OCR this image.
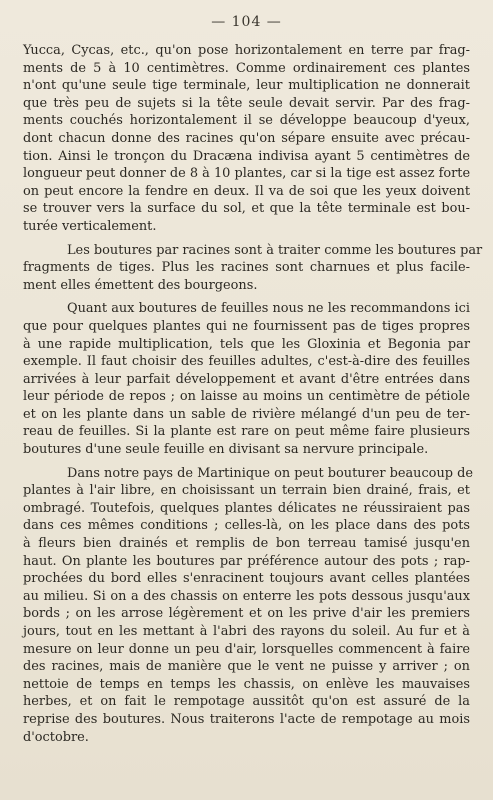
— 104 —
Yucca, Cycas, etc., qu'on pose horizontalement en terre par frag-
ments de 5 à 10 centimètres. Comme ordinairement ces plantes
n'ont qu'une seule tige terminale, leur multiplication ne donnerait
que très peu de sujets si la tête seule devait servir. Par des frag-
ments couchés horizontalement il se développe beaucoup d'yeux,
dont chacun donne des racines qu'on sépare ensuite avec précau-
tion. Ainsi le tronçon du Dracæna indivisa ayant 5 centimètres de
longueur peut donner de 8 à 10 plantes, car si la tige est assez forte
on peut encore la fendre en deux. Il va de soi que les yeux doivent
se trouver vers la surface du sol, et que la tête terminale est bou-
turée verticalement.
Les boutures par racines sont à traiter comme les boutures par
fragments de tiges. Plus les racines sont charnues et plus facile-
ment elles émettent des bourgeons.
Quant aux boutures de feuilles nous ne les recommandons ici
que pour quelques plantes qui ne fournissent pas de tiges propres
à une rapide multiplication, tels que les Gloxinia et Begonia par
exemple. Il faut choisir des feuilles adultes, c'est-à-dire des feuilles
arrivées à leur parfait développement et avant d'être entrées dans
leur période de repos ; on laisse au moins un centimètre de pétiole
et on les plante dans un sable de rivière mélangé d'un peu de ter-
reau de feuilles. Si la plante est rare on peut même faire plusieurs
boutures d'une seule feuille en divisant sa nervure principale.
Dans notre pays de Martinique on peut bouturer beaucoup de
plantes à l'air libre, en choisissant un terrain bien drainé, frais, et
ombragé. Toutefois, quelques plantes délicates ne réussiraient pas
dans ces mêmes conditions ; celles-là, on les place dans des pots
à fleurs bien drainés et remplis de bon terreau tamisé jusqu'en
haut. On plante les boutures par préférence autour des pots ; rap-
prochées du bord elles s'enracinent toujours avant celles plantées
au milieu. Si on a des chassis on enterre les pots dessous jusqu'aux
bords ; on les arrose légèrement et on les prive d'air les premiers
jours, tout en les mettant à l'abri des rayons du soleil. Au fur et à
mesure on leur donne un peu d'air, lorsquelles commencent à faire
des racines, mais de manière que le vent ne puisse y arriver ; on
nettoie de temps en temps les chassis, on enlève les mauvaises
herbes, et on fait le rempotage aussitôt qu'on est assuré de la
reprise des boutures. Nous traiterons l'acte de rempotage au mois
d'octobre.
